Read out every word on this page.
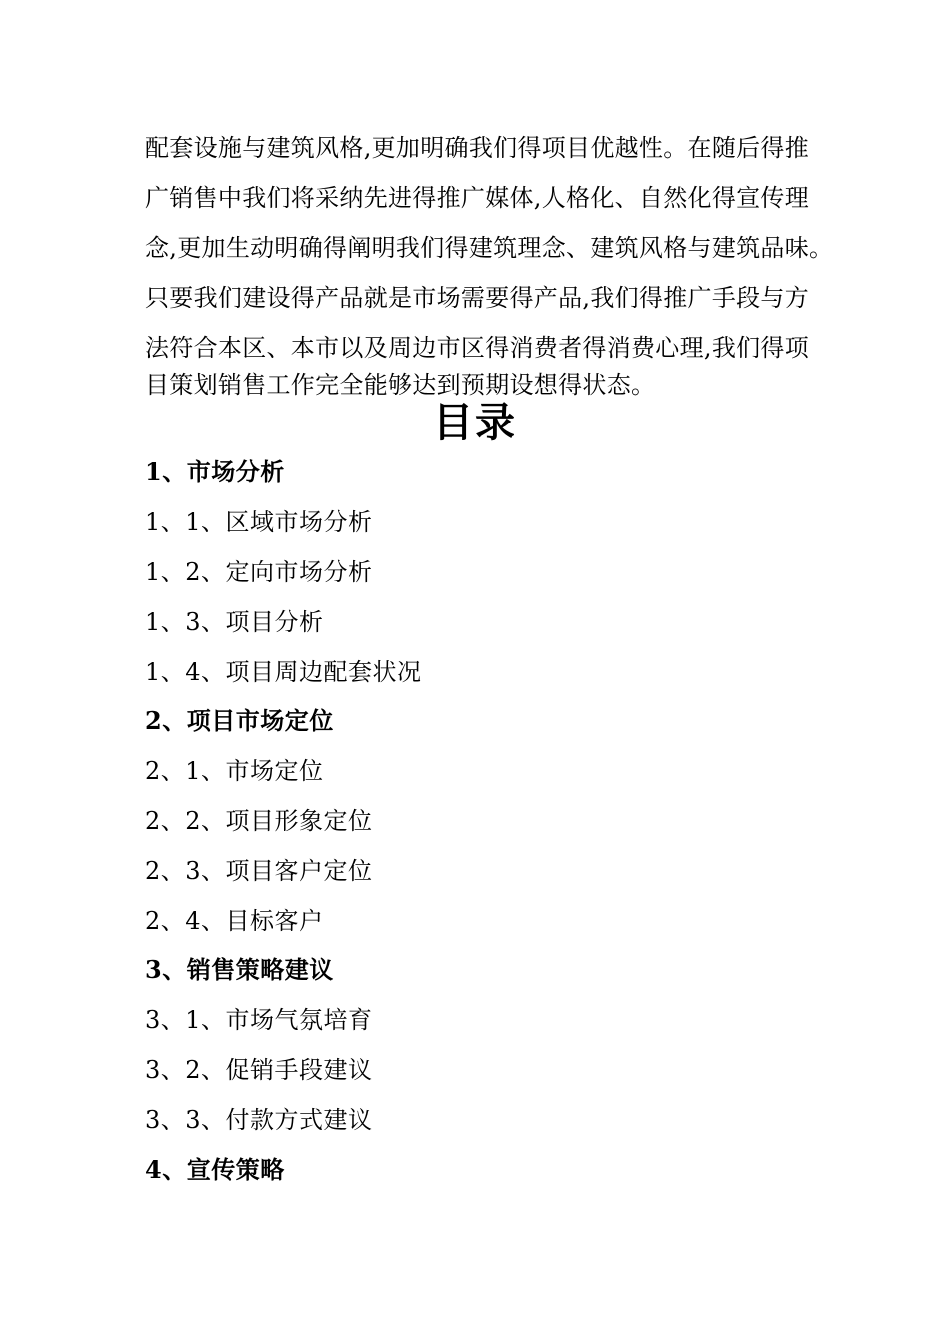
配套设施与建筑风格,更加明确我们得项目优越性。在随后得推
广销售中我们将采纳先进得推广媒体,人格化、自然化得宣传理
念,更加生动明确得阐明我们得建筑理念、建筑风格与建筑品味。
只要我们建设得产品就是市场需要得产品,我们得推广手段与方
法符合本区、本市以及周边市区得消费者得消费心理,我们得项
目策划销售工作完全能够达到预期设想得状态。
目录
1、市场分析
1、1、区域市场分析
1、2、定向市场分析
1、3、项目分析
1、4、项目周边配套状况
2、项目市场定位
2、1、市场定位
2、2、项目形象定位
2、3、项目客户定位
2、4、目标客户
3、销售策略建议
3、1、市场气氛培育
3、2、促销手段建议
3、3、付款方式建议
4、宣传策略
